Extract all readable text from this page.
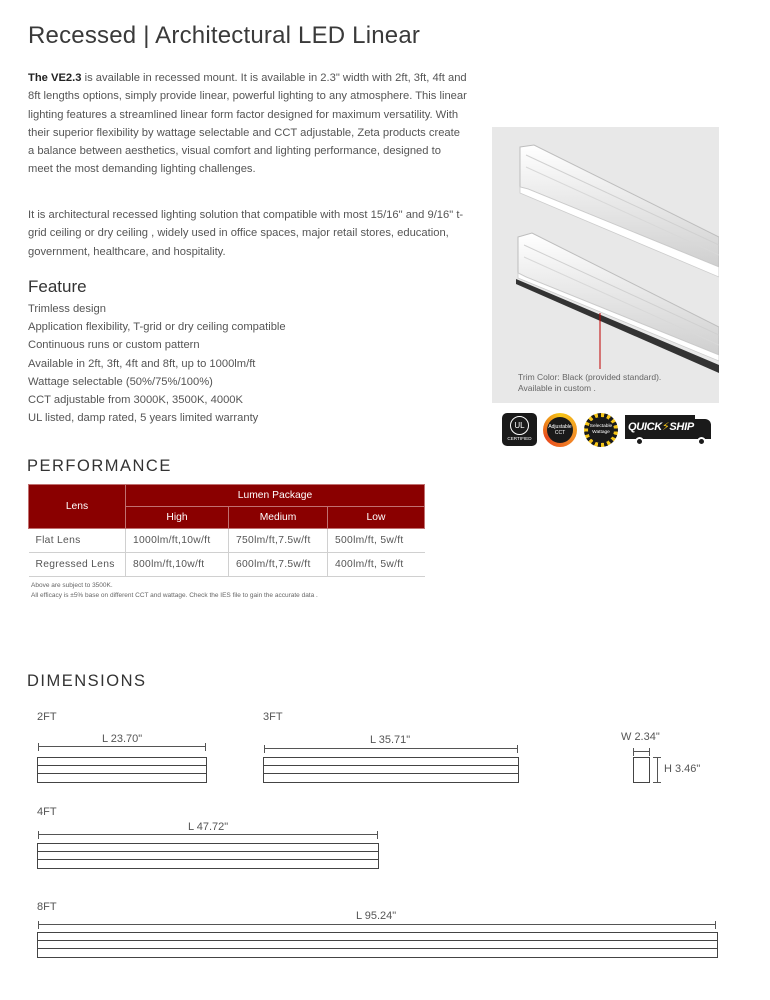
Recessed | Architectural LED Linear

The VE2.3 is available in recessed mount. It is available in 2.3" width with 2ft, 3ft, 4ft and 8ft lengths options, simply provide linear, powerful lighting to any atmosphere. This linear lighting features a streamlined linear form factor designed for maximum versatility. With their superior flexibility by wattage selectable and CCT adjustable, Zeta products create a balance between aesthetics, visual comfort and lighting performance, designed to meet the most demanding lighting challenges.

It is architectural recessed lighting solution that compatible with most 15/16" and 9/16" t-grid ceiling or dry ceiling , widely used in office spaces, major retail stores, education, government, healthcare, and hospitality.

Feature
Trimless design
Application flexibility, T-grid or dry ceiling compatible
Continuous runs or custom pattern
Available in 2ft, 3ft, 4ft and 8ft, up to 1000lm/ft
Wattage selectable (50%/75%/100%)
CCT adjustable from 3000K, 3500K, 4000K
UL listed, damp rated, 5 years limited warranty
Trim Color: Black (provided standard).
Available in custom .
UL
CERTIFIED
Adjustable
CCT
Selectable
Wattage	QUICK⚡SHIP
PERFORMANCE
Lens	Lumen Package		
	High	Medium	Low
Flat Lens	1000lm/ft,10w/ft	750lm/ft,7.5w/ft	500lm/ft, 5w/ft
Regressed Lens	800lm/ft,10w/ft	600lm/ft,7.5w/ft	400lm/ft, 5w/ft
Above are subject to 3500K.
All efficacy is ±5% base on different CCT and wattage. Check the IES file to gain the accurate data .
DIMENSIONS
2FT
L 23.70"
3FT
L 35.71"	W 2.34"
H 3.46"
4FT
L 47.72"
8FT
L 95.24"
